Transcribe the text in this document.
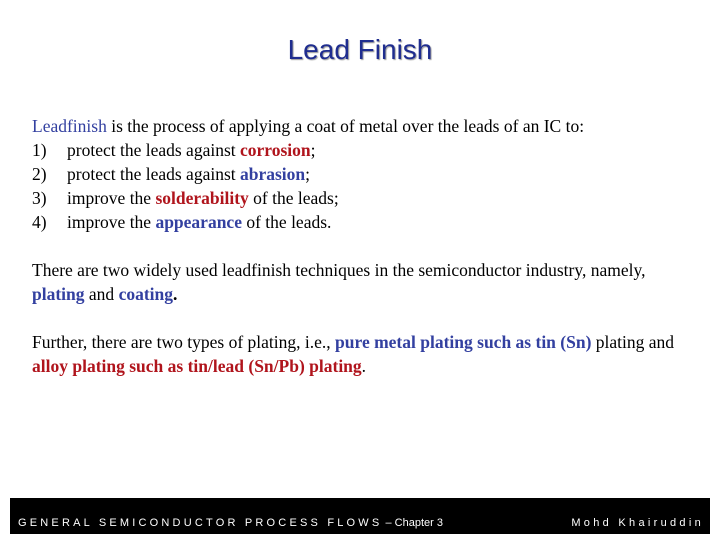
Lead Finish

Leadfinish is the process of applying a coat of metal over the leads of an IC to:

1)	protect the leads against corrosion;
2)	protect the leads against abrasion;
3)	improve the solderability of the leads;
4)	improve the appearance of the leads.

There are two widely used leadfinish techniques in the semiconductor industry, namely, plating and coating.

Further, there are two types of plating, i.e., pure metal plating such as tin (Sn) plating and alloy plating such as tin/lead (Sn/Pb) plating.

GENERAL SEMICONDUCTOR PROCESS FLOWS – Chapter 3	Mohd Khairuddin
